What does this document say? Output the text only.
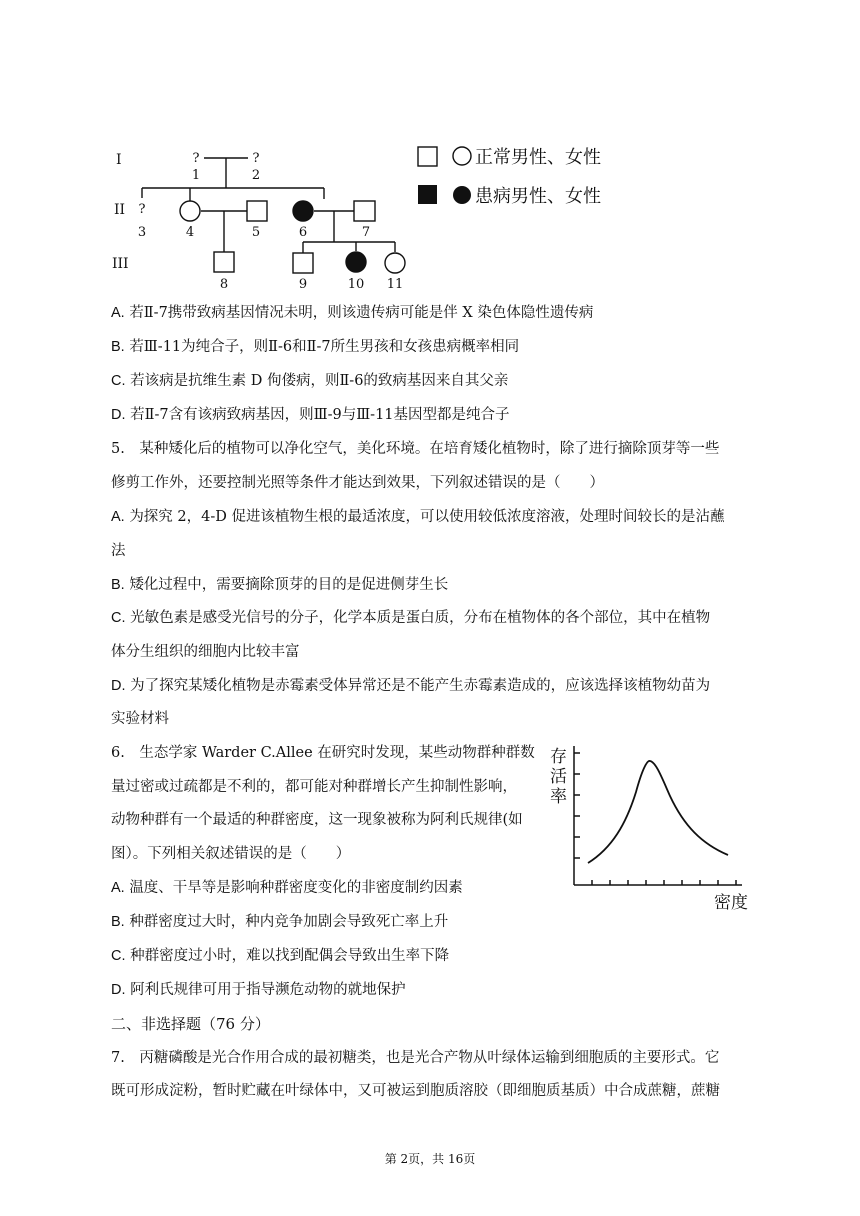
I
II
III
?
1
?
2
?
3	4	5	6	7
8	9	10 11
正常男性、女性
患病男性、女性
A. 若Ⅱ-7携带致病基因情况未明，则该遗传病可能是伴 X 染色体隐性遗传病
B. 若Ⅲ-11为纯合子，则Ⅱ-6和Ⅱ-7所生男孩和女孩患病概率相同
C. 若该病是抗维生素 D 佝偻病，则Ⅱ-6的致病基因来自其父亲
D. 若Ⅱ-7含有该病致病基因，则Ⅲ-9与Ⅲ-11基因型都是纯合子
5.　某种矮化后的植物可以净化空气，美化环境。在培育矮化植物时，除了进行摘除顶芽等一些
修剪工作外，还要控制光照等条件才能达到效果，下列叙述错误的是（　　）
A. 为探究 2，4-D 促进该植物生根的最适浓度，可以使用较低浓度溶液，处理时间较长的是沾蘸
法
B. 矮化过程中，需要摘除顶芽的目的是促进侧芽生长
C. 光敏色素是感受光信号的分子，化学本质是蛋白质，分布在植物体的各个部位，其中在植物
体分生组织的细胞内比较丰富
D. 为了探究某矮化植物是赤霉素受体异常还是不能产生赤霉素造成的，应该选择该植物幼苗为
实验材料
6.　生态学家 Warder C.Allee 在研究时发现，某些动物群种群数
量过密或过疏都是不利的，都可能对种群增长产生抑制性影响，
动物种群有一个最适的种群密度，这一现象被称为阿利氏规律(如
图）。下列相关叙述错误的是（　　）
A. 温度、干旱等是影响种群密度变化的非密度制约因素
B. 种群密度过大时，种内竞争加剧会导致死亡率上升
C. 种群密度过小时，难以找到配偶会导致出生率下降
D. 阿利氏规律可用于指导濒危动物的就地保护
存
活
率
密度
二、非选择题（76 分）
7.　丙糖磷酸是光合作用合成的最初糖类，也是光合产物从叶绿体运输到细胞质的主要形式。它
既可形成淀粉，暂时贮藏在叶绿体中，又可被运到胞质溶胶（即细胞质基质）中合成蔗糖，蔗糖
第 2页，共 16页
